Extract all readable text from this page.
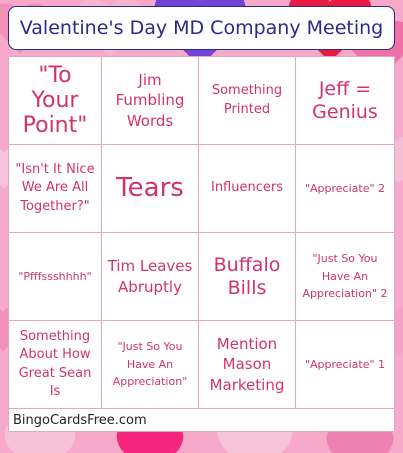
Valentine's Day MD Company Meeting
"To Your Point"
Jim Fumbling Words
Something Printed
Jeff = Genius
"Isn't It Nice We Are All Together?"
Tears	Influencers	"Appreciate" 2
"Pfffssshhhh"
Tim Leaves Abruptly
Buffalo Bills
"Just So You Have An Appreciation" 2
Something About How Great Sean Is
"Just So You Have An Appreciation"
Mention Mason Marketing
"Appreciate" 1
BingoCardsFree.com
